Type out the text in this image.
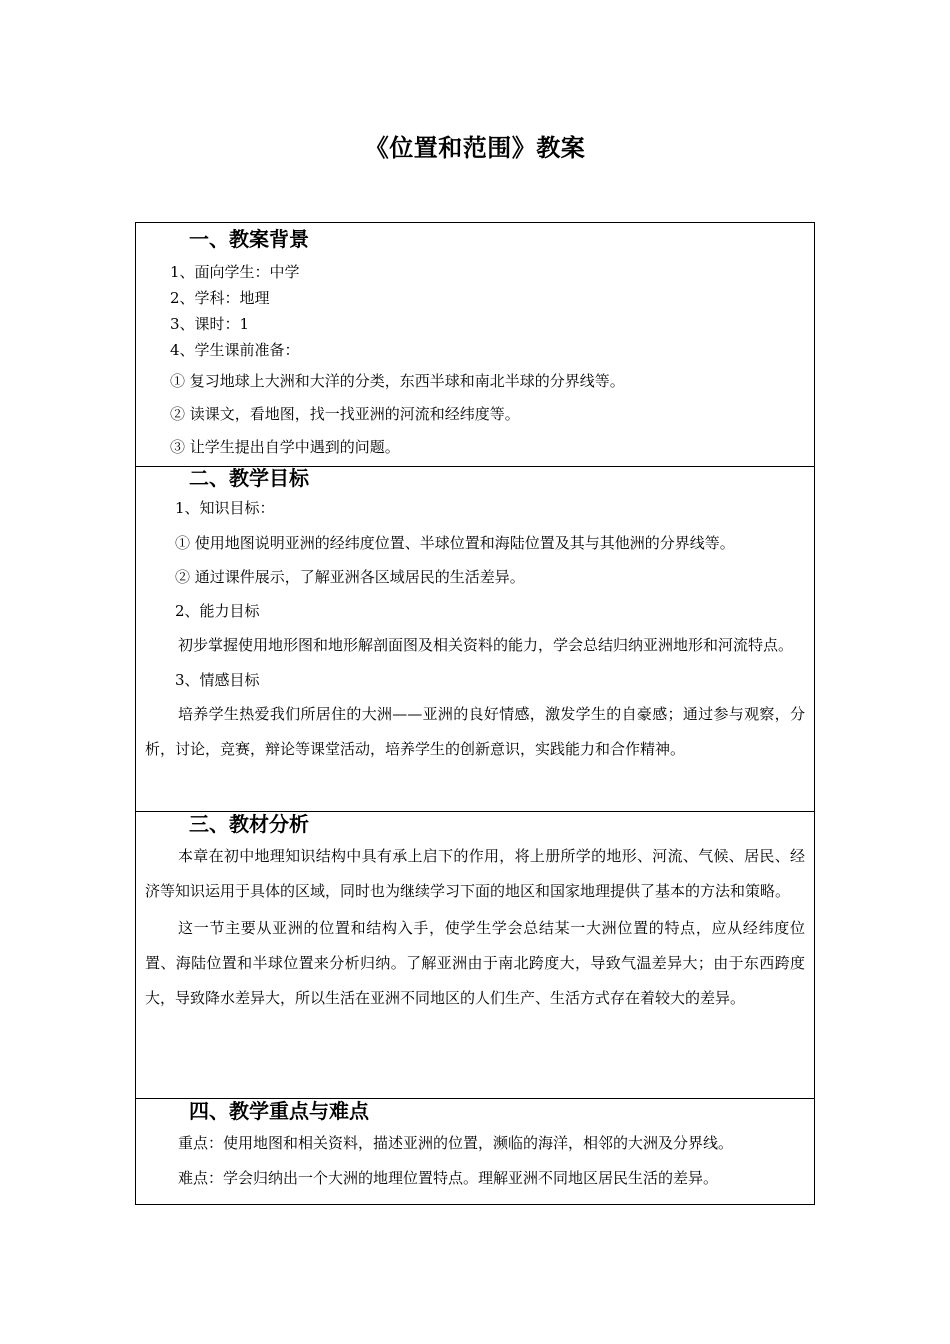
《位置和范围》教案
一、教案背景
1、面向学生：中学
2、学科：地理
3、课时：1
4、学生课前准备：
① 复习地球上大洲和大洋的分类，东西半球和南北半球的分界线等。
② 读课文，看地图，找一找亚洲的河流和经纬度等。
③ 让学生提出自学中遇到的问题。

二、教学目标
1、知识目标：
① 使用地图说明亚洲的经纬度位置、半球位置和海陆位置及其与其他洲的分界线等。
② 通过课件展示，了解亚洲各区域居民的生活差异。
2、能力目标

初步掌握使用地形图和地形解剖面图及相关资料的能力，学会总结归纳亚洲地形和河流特点。

3、情感目标

培养学生热爱我们所居住的大洲——亚洲的良好情感，激发学生的自豪感；通过参与观察，分析，讨论，竞赛，辩论等课堂活动，培养学生的创新意识，实践能力和合作精神。

三、教材分析

本章在初中地理知识结构中具有承上启下的作用，将上册所学的地形、河流、气候、居民、经济等知识运用于具体的区域，同时也为继续学习下面的地区和国家地理提供了基本的方法和策略。

这一节主要从亚洲的位置和结构入手，使学生学会总结某一大洲位置的特点，应从经纬度位置、海陆位置和半球位置来分析归纳。了解亚洲由于南北跨度大，导致气温差异大；由于东西跨度大，导致降水差异大，所以生活在亚洲不同地区的人们生产、生活方式存在着较大的差异。

四、教学重点与难点
重点：使用地图和相关资料，描述亚洲的位置，濒临的海洋，相邻的大洲及分界线。
难点：学会归纳出一个大洲的地理位置特点。理解亚洲不同地区居民生活的差异。
